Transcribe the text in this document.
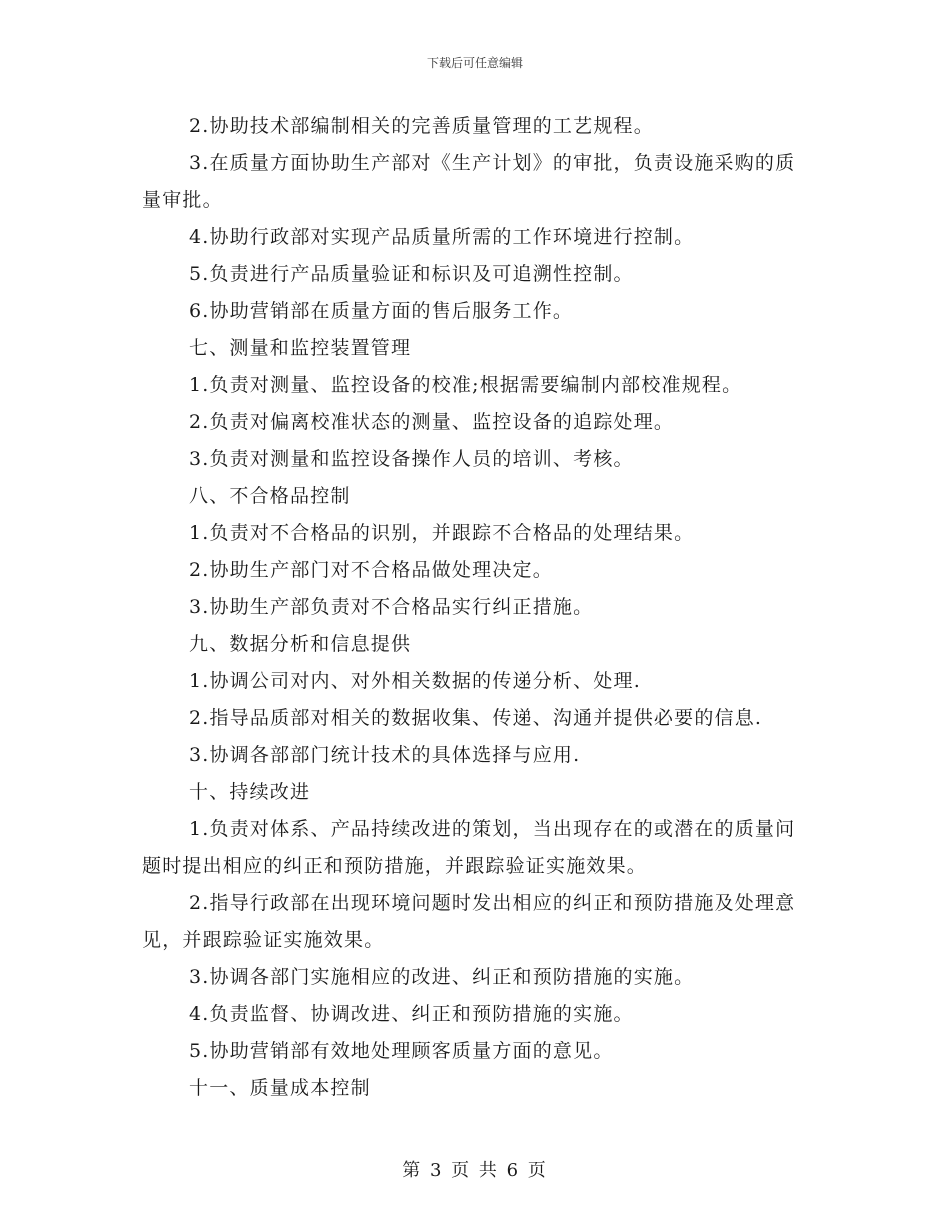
下载后可任意编辑

2.协助技术部编制相关的完善质量管理的工艺规程。

3.在质量方面协助生产部对《生产计划》的审批，负责设施采购的质量审批。

4.协助行政部对实现产品质量所需的工作环境进行控制。

5.负责进行产品质量验证和标识及可追溯性控制。

6.协助营销部在质量方面的售后服务工作。

七、测量和监控装置管理

1.负责对测量、监控设备的校准;根据需要编制内部校准规程。

2.负责对偏离校准状态的测量、监控设备的追踪处理。

3.负责对测量和监控设备操作人员的培训、考核。

八、不合格品控制

1.负责对不合格品的识别，并跟踪不合格品的处理结果。

2.协助生产部门对不合格品做处理决定。

3.协助生产部负责对不合格品实行纠正措施。

九、数据分析和信息提供

1.协调公司对内、对外相关数据的传递分析、处理.

2.指导品质部对相关的数据收集、传递、沟通并提供必要的信息.

3.协调各部部门统计技术的具体选择与应用.

十、持续改进

1.负责对体系、产品持续改进的策划，当出现存在的或潜在的质量问题时提出相应的纠正和预防措施，并跟踪验证实施效果。

2.指导行政部在出现环境问题时发出相应的纠正和预防措施及处理意见，并跟踪验证实施效果。

3.协调各部门实施相应的改进、纠正和预防措施的实施。

4.负责监督、协调改进、纠正和预防措施的实施。

5.协助营销部有效地处理顾客质量方面的意见。

十一、质量成本控制

第 3 页 共 6 页
